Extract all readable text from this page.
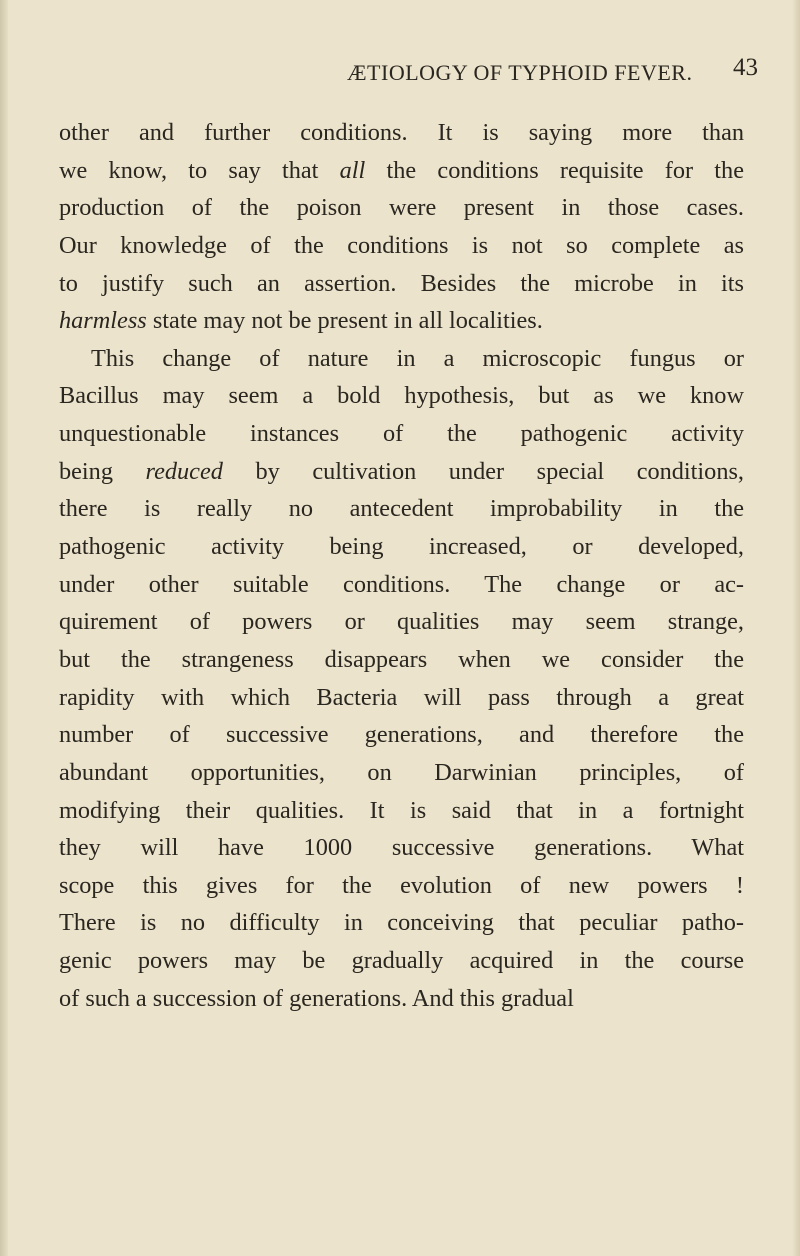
ÆTIOLOGY OF TYPHOID FEVER. 43
other and further conditions. It is saying more than
we know, to say that all the conditions requisite for the
production of the poison were present in those cases.
Our knowledge of the conditions is not so complete as
to justify such an assertion. Besides the microbe in its
harmless state may not be present in all localities.
This change of nature in a microscopic fungus or
Bacillus may seem a bold hypothesis, but as we know
unquestionable instances of the pathogenic activity
being reduced by cultivation under special conditions,
there is really no antecedent improbability in the
pathogenic activity being increased, or developed,
under other suitable conditions. The change or ac-
quirement of powers or qualities may seem strange,
but the strangeness disappears when we consider the
rapidity with which Bacteria will pass through a great
number of successive generations, and therefore the
abundant opportunities, on Darwinian principles, of
modifying their qualities. It is said that in a fortnight
they will have 1000 successive generations. What
scope this gives for the evolution of new powers !
There is no difficulty in conceiving that peculiar patho-
genic powers may be gradually acquired in the course
of such a succession of generations. And this gradual
